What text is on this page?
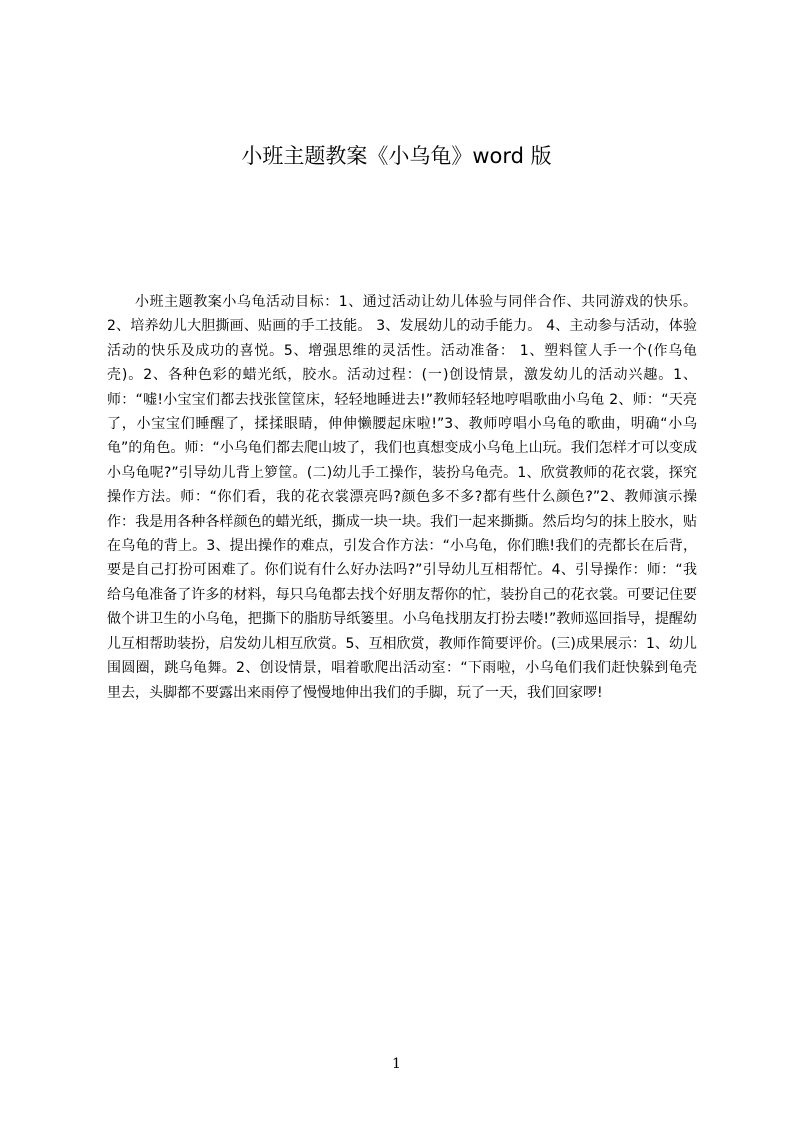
小班主题教案《小乌龟》word 版

小班主题教案小乌龟活动目标：1、通过活动让幼儿体验与同伴合作、共同游戏的快乐。2、培养幼儿大胆撕画、贴画的手工技能。 3、发展幼儿的动手能力。 4、主动参与活动，体验活动的快乐及成功的喜悦。5、增强思维的灵活性。活动准备： 1、塑料筐人手一个(作乌龟壳)。2、各种色彩的蜡光纸，胶水。活动过程：(一)创设情景，激发幼儿的活动兴趣。1、师：“嘘!小宝宝们都去找张筐筐床，轻轻地睡进去!”教师轻轻地哼唱歌曲小乌龟 2、师：“天亮了，小宝宝们睡醒了，揉揉眼睛，伸伸懒腰起床啦!”3、教师哼唱小乌龟的歌曲，明确“小乌龟”的角色。师：“小乌龟们都去爬山坡了，我们也真想变成小乌龟上山玩。我们怎样才可以变成小乌龟呢?”引导幼儿背上箩筐。(二)幼儿手工操作，装扮乌龟壳。1、欣赏教师的花衣裳，探究操作方法。师：“你们看，我的花衣裳漂亮吗?颜色多不多?都有些什么颜色?”2、教师演示操作：我是用各种各样颜色的蜡光纸，撕成一块一块。我们一起来撕撕。然后均匀的抹上胶水，贴在乌龟的背上。3、提出操作的难点，引发合作方法：“小乌龟，你们瞧!我们的壳都长在后背，要是自己打扮可困难了。你们说有什么好办法吗?”引导幼儿互相帮忙。4、引导操作：师：“我给乌龟准备了许多的材料，每只乌龟都去找个好朋友帮你的忙，装扮自己的花衣裳。可要记住要做个讲卫生的小乌龟，把撕下的脂肪导纸篓里。小乌龟找朋友打扮去喽!”教师巡回指导，提醒幼儿互相帮助装扮，启发幼儿相互欣赏。5、互相欣赏，教师作简要评价。(三)成果展示：1、幼儿围圆圈，跳乌龟舞。2、创设情景，唱着歌爬出活动室：“下雨啦，小乌龟们我们赶快躲到龟壳里去，头脚都不要露出来雨停了慢慢地伸出我们的手脚，玩了一天，我们回家啰!

1
